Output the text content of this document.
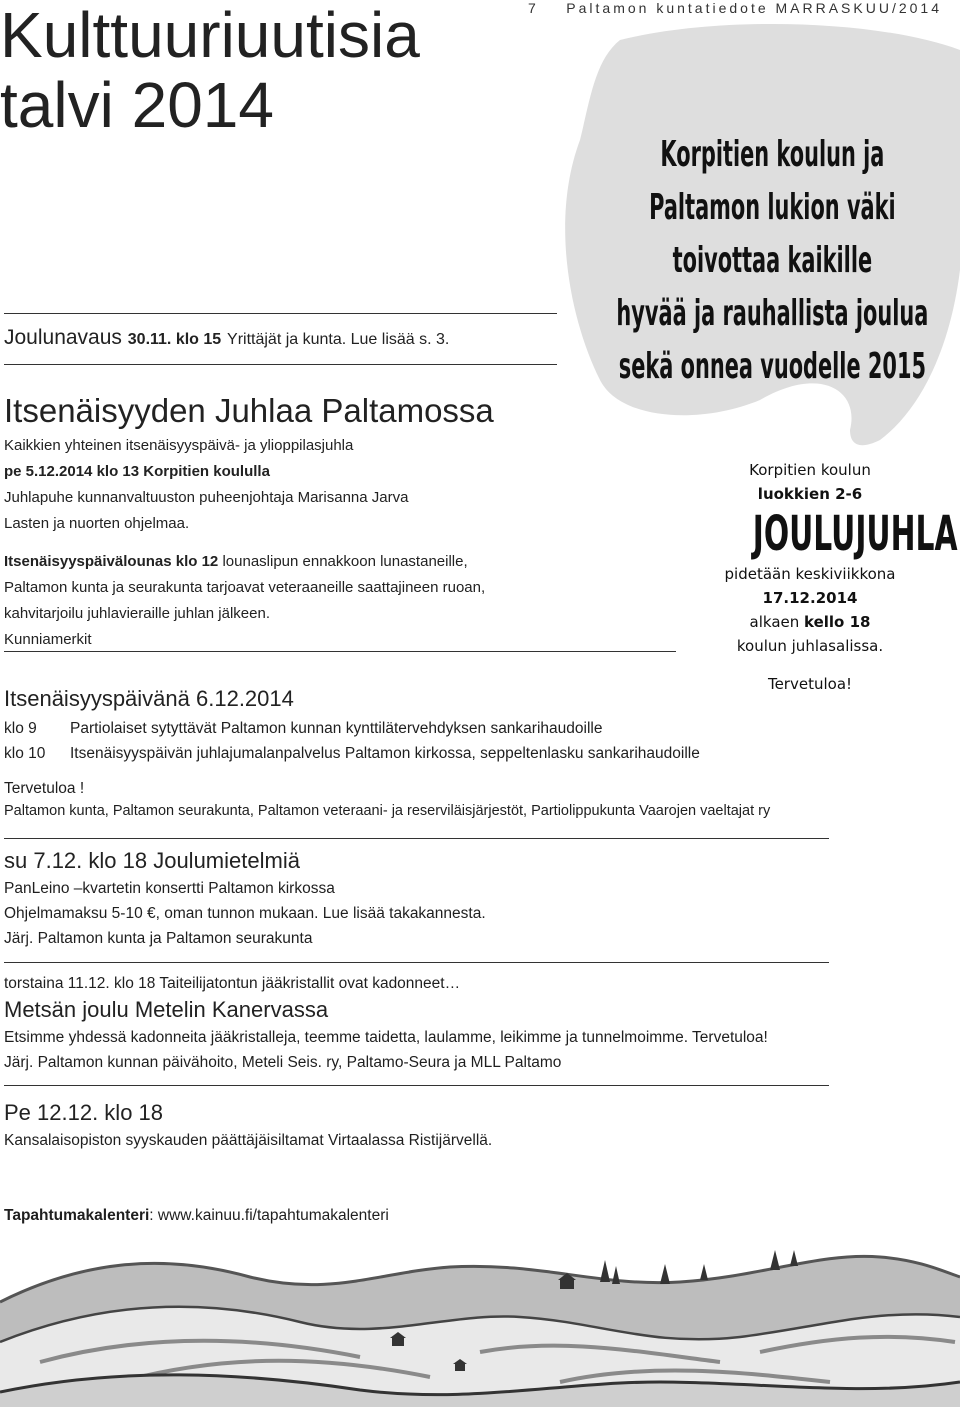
7 Paltamon kuntatiedote MARRASKUU/2014
Korpitien koulun ja
Paltamon lukion väki
toivottaa kaikille
hyvää ja rauhallista joulua
sekä onnea vuodelle 2015
Kulttuuriuutisia
talvi 2014
Joulunavaus 30.11. klo 15 Yrittäjät ja kunta. Lue lisää s. 3.
Itsenäisyyden Juhlaa Paltamossa
Kaikkien yhteinen itsenäisyyspäivä- ja ylioppilasjuhla
pe 5.12.2014 klo 13 Korpitien koululla
Juhlapuhe kunnanvaltuuston puheenjohtaja Marisanna Jarva
Lasten ja nuorten ohjelmaa.
Itsenäisyyspäivälounas klo 12 lounaslipun ennakkoon lunastaneille,
Paltamon kunta ja seurakunta tarjoavat veteraaneille saattajineen ruoan,
kahvitarjoilu juhlavieraille juhlan jälkeen.
Kunniamerkit
Korpitien koulun
luokkien 2-6
JOULUJUHLA
pidetään keskiviikkona
17.12.2014
alkaen kello 18
koulun juhlasalissa.
Tervetuloa!
Itsenäisyyspäivänä 6.12.2014
klo 9 Partiolaiset sytyttävät Paltamon kunnan kynttilätervehdyksen sankarihaudoille
klo 10 Itsenäisyyspäivän juhlajumalanpalvelus Paltamon kirkossa, seppeltenlasku sankarihaudoille
Tervetuloa !
Paltamon kunta, Paltamon seurakunta, Paltamon veteraani- ja reserviläisjärjestöt, Partiolippukunta Vaarojen vaeltajat ry
su 7.12. klo 18 Joulumietelmiä
PanLeino –kvartetin konsertti Paltamon kirkossa
Ohjelmamaksu 5-10 €, oman tunnon mukaan. Lue lisää takakannesta.
Järj. Paltamon kunta ja Paltamon seurakunta
torstaina 11.12. klo 18 Taiteilijatontun jääkristallit ovat kadonneet…
Metsän joulu Metelin Kanervassa
Etsimme yhdessä kadonneita jääkristalleja, teemme taidetta, laulamme, leikimme ja tunnelmoimme. Tervetuloa!
Järj. Paltamon kunnan päivähoito, Meteli Seis. ry, Paltamo-Seura ja MLL Paltamo
Pe 12.12. klo 18
Kansalaisopiston syyskauden päättäjäisiltamat Virtaalassa Ristijärvellä.
Tapahtumakalenteri: www.kainuu.fi/tapahtumakalenteri
